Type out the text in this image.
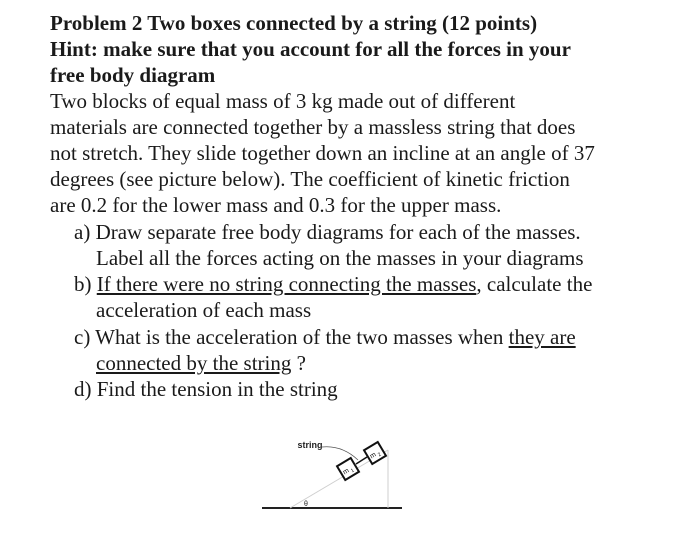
Problem 2 Two boxes connected by a string (12 points)
Hint: make sure that you account for all the forces in your
free body diagram
Two blocks of equal mass of 3 kg made out of different
materials are connected together by a massless string that does
not stretch. They slide together down an incline at an angle of 37
degrees (see picture below). The coefficient of kinetic friction
are 0.2 for the lower mass and 0.3 for the upper mass.
a) Draw separate free body diagrams for each of the masses.
Label all the forces acting on the masses in your diagrams
b) If there were no string connecting the masses, calculate the
acceleration of each mass
c) What is the acceleration of the two masses when they are
connected by the string ?
d) Find the tension in the string
m 1
m 2
string
θ
